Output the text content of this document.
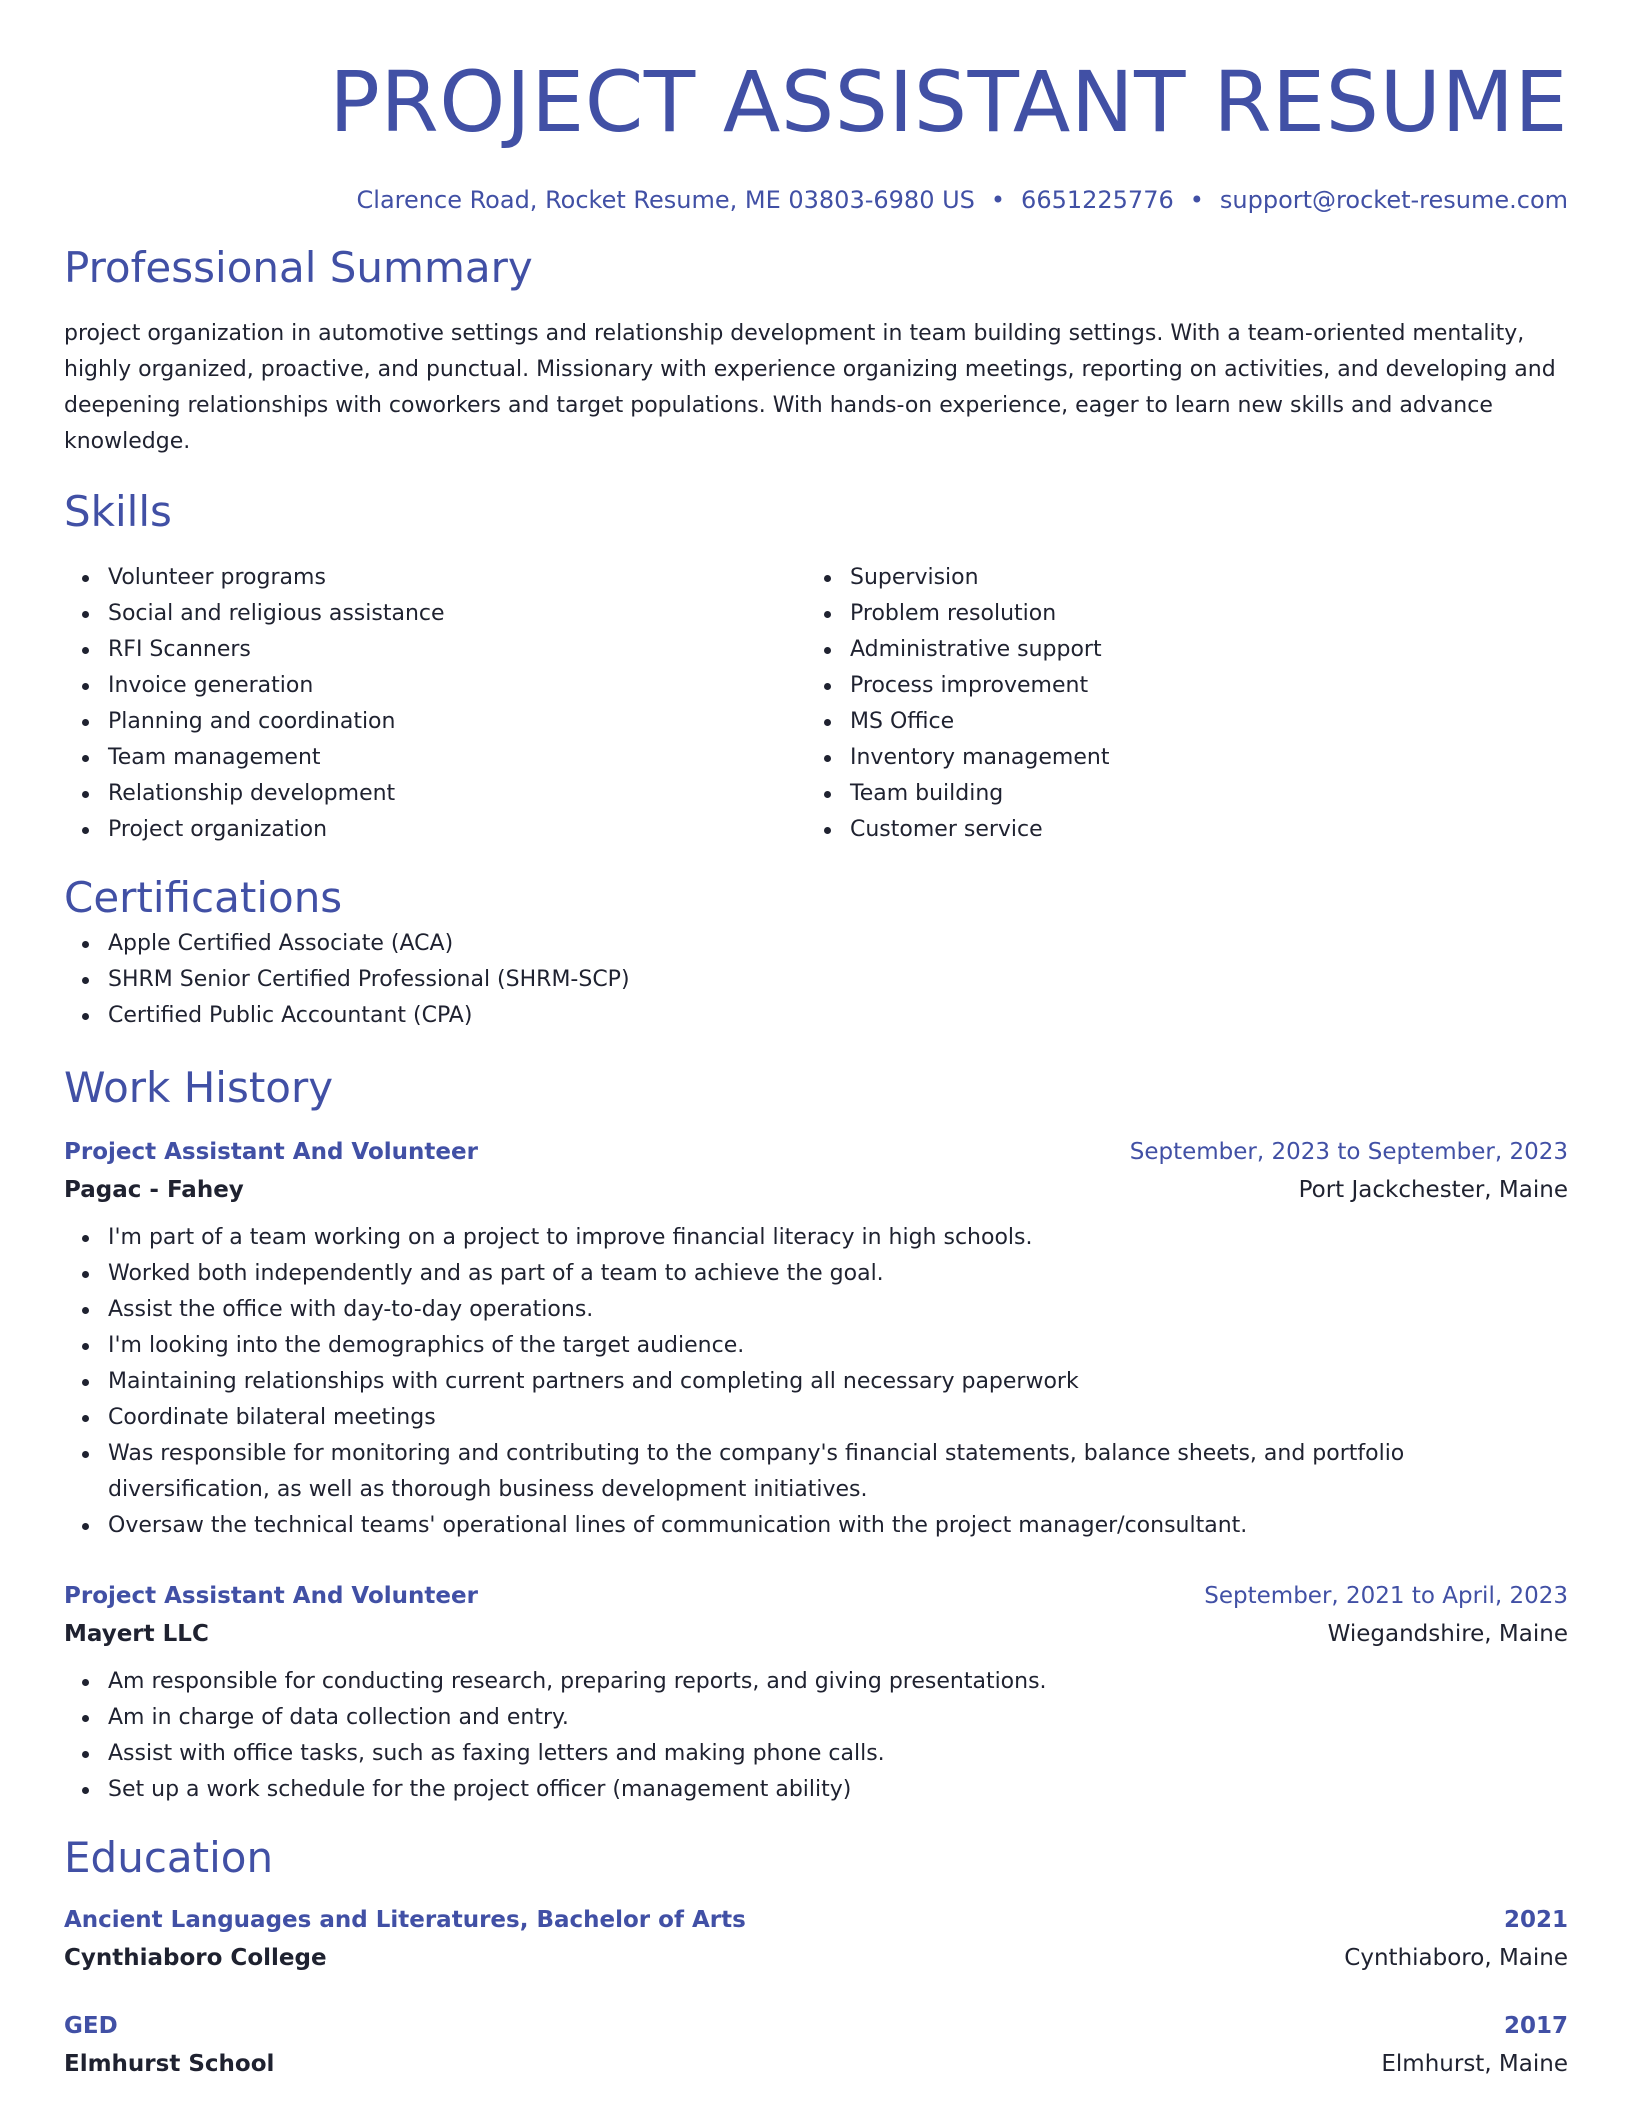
PROJECT ASSISTANT RESUME
Clarence Road, Rocket Resume, ME 03803-6980 US • 6651225776 • support@rocket-resume.com
Professional Summary

project organization in automotive settings and relationship development in team building settings. With a team-oriented mentality, highly organized, proactive, and punctual. Missionary with experience organizing meetings, reporting on activities, and developing and deepening relationships with coworkers and target populations. With hands-on experience, eager to learn new skills and advance knowledge.

Skills
Volunteer programs
Social and religious assistance
RFI Scanners
Invoice generation
Planning and coordination
Team management
Relationship development
Project organization
Supervision
Problem resolution
Administrative support
Process improvement
MS Office
Inventory management
Team building
Customer service
Certifications
Apple Certified Associate (ACA)
SHRM Senior Certified Professional (SHRM-SCP)
Certified Public Accountant (CPA)
Work History
Project Assistant And Volunteer	September, 2023 to September, 2023
Pagac - Fahey	Port Jackchester, Maine
I'm part of a team working on a project to improve financial literacy in high schools.
Worked both independently and as part of a team to achieve the goal.
Assist the office with day-to-day operations.
I'm looking into the demographics of the target audience.
Maintaining relationships with current partners and completing all necessary paperwork
Coordinate bilateral meetings
Was responsible for monitoring and contributing to the company's financial statements, balance sheets, and portfolio diversification, as well as thorough business development initiatives.
Oversaw the technical teams' operational lines of communication with the project manager/consultant.
Project Assistant And Volunteer	September, 2021 to April, 2023
Mayert LLC	Wiegandshire, Maine
Am responsible for conducting research, preparing reports, and giving presentations.
Am in charge of data collection and entry.
Assist with office tasks, such as faxing letters and making phone calls.
Set up a work schedule for the project officer (management ability)
Education
Ancient Languages and Literatures, Bachelor of Arts	2021
Cynthiaboro College	Cynthiaboro, Maine
GED	2017
Elmhurst School	Elmhurst, Maine
